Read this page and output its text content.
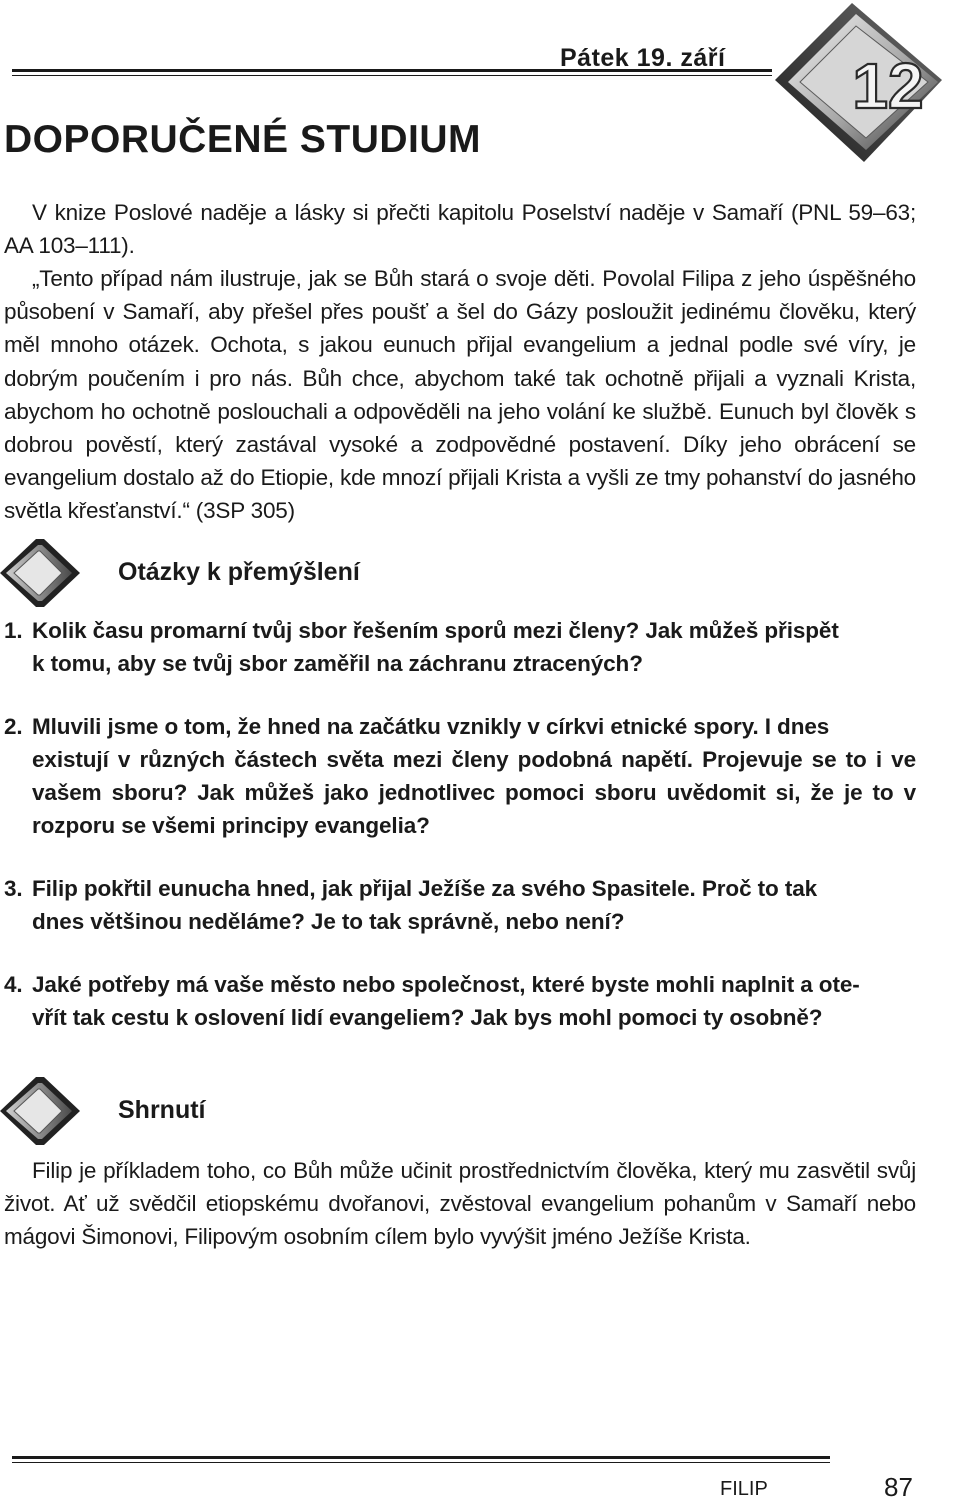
Pátek 19. září 12
DOPORUČENÉ STUDIUM
V knize Poslové naděje a lásky si přečti kapitolu Poselství naděje v Samaří (PNL 59–63; AA 103–111).
„Tento případ nám ilustruje, jak se Bůh stará o svoje děti. Povolal Filipa z jeho úspěšného působení v Samaří, aby přešel přes poušť a šel do Gázy posloužit jedinému člověku, který měl mnoho otázek. Ochota, s jakou eunuch přijal evangelium a jednal podle své víry, je dobrým poučením i pro nás. Bůh chce, abychom také tak ochotně přijali a vyznali Krista, abychom ho ochotně poslouchali a odpověděli na jeho volání ke službě. Eunuch byl člověk s dobrou pověstí, který zastával vysoké a zodpovědné postavení. Díky jeho obrácení se evangelium dostalo až do Etiopie, kde mnozí přijali Krista a vyšli ze tmy pohanství do jasného světla křesťanství.“ (3SP 305)
Otázky k přemýšlení
1. Kolik času promarní tvůj sbor řešením sporů mezi členy? Jak můžeš přispět
k tomu, aby se tvůj sbor zaměřil na záchranu ztracených?
2. Mluvili jsme o tom, že hned na začátku vznikly v církvi etnické spory. I dnes
existují v různých částech světa mezi členy podobná napětí. Projevuje se to i ve vašem sboru? Jak můžeš jako jednotlivec pomoci sboru uvědomit si, že je to v rozporu se všemi principy evangelia?
3. Filip pokřtil eunucha hned, jak přijal Ježíše za svého Spasitele. Proč to tak
dnes většinou neděláme? Je to tak správně, nebo není?
4. Jaké potřeby má vaše město nebo společnost, které byste mohli naplnit a ote-
vřít tak cestu k oslovení lidí evangeliem? Jak bys mohl pomoci ty osobně?
Shrnutí
Filip je příkladem toho, co Bůh může učinit prostřednictvím člověka, který mu zasvětil svůj život. Ať už svědčil etiopskému dvořanovi, zvěstoval evangelium pohanům v Samaří nebo mágovi Šimonovi, Filipovým osobním cílem bylo vyvýšit jméno Ježíše Krista.
FILIP	87
